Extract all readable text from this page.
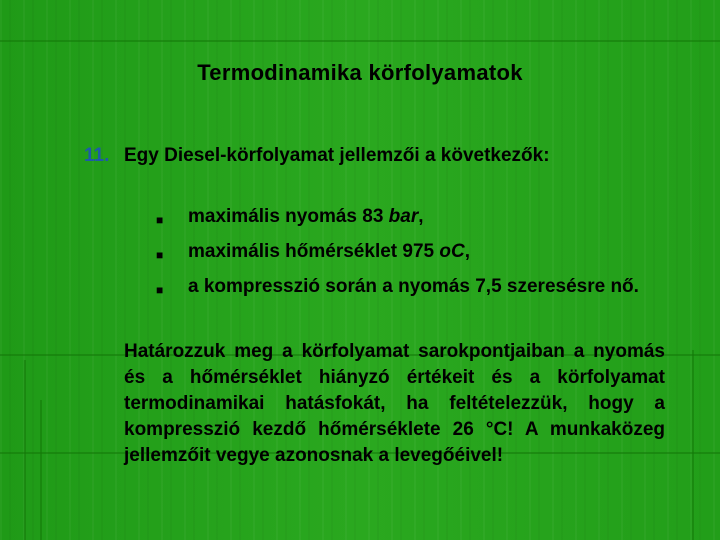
Termodinamika körfolyamatok
11. Egy Diesel-körfolyamat jellemzői a következők:
■ maximális nyomás 83 bar,
■ maximális hőmérséklet 975 oC,
■ a kompresszió során a nyomás 7,5 szeresésre nő.
Határozzuk meg a körfolyamat sarokpontjaiban a nyomás és a hőmérséklet hiányzó értékeit és a körfolyamat termodinamikai hatásfokát, ha feltételezzük, hogy a kompresszió kezdő hőmérséklete 26 °C! A munkaközeg jellemzőit vegye azonosnak a levegőéivel!
